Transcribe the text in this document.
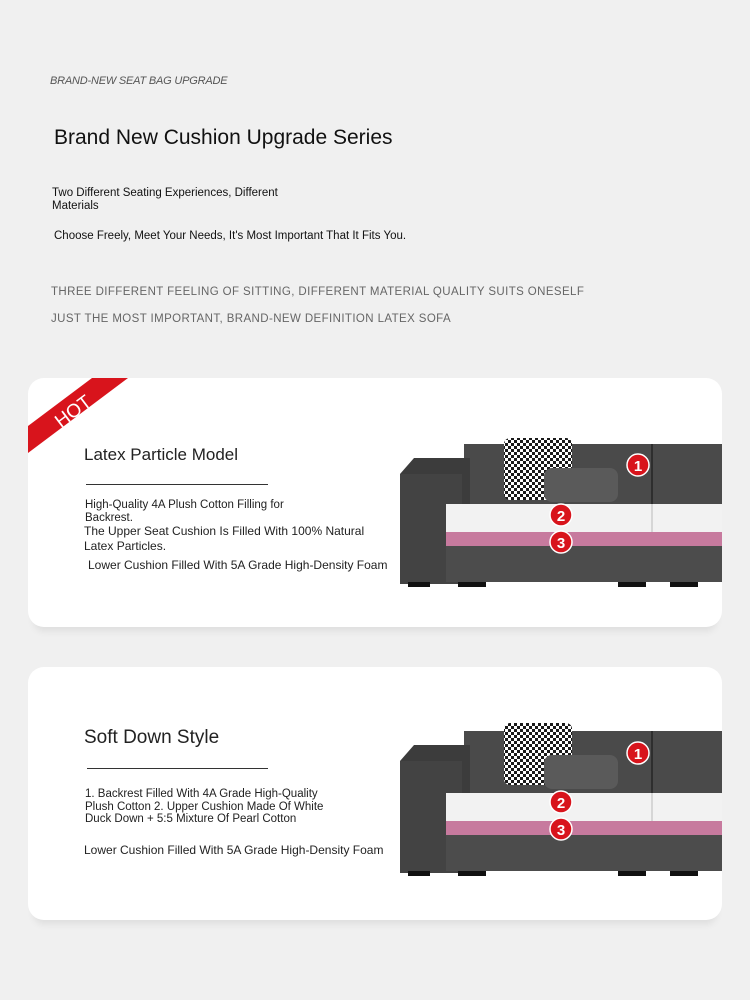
BRAND-NEW SEAT BAG UPGRADE
Brand New Cushion Upgrade Series
Two Different Seating Experiences, Different Materials
Choose Freely, Meet Your Needs, It's Most Important That It Fits You.
THREE DIFFERENT FEELING OF SITTING, DIFFERENT MATERIAL QUALITY SUITS ONESELF
JUST THE MOST IMPORTANT, BRAND-NEW DEFINITION LATEX SOFA
HOT
Latex Particle Model
High-Quality 4A Plush Cotton Filling for Backrest.
The Upper Seat Cushion Is Filled With 100% Natural Latex Particles.
Lower Cushion Filled With 5A Grade High-Density Foam
1
2
3
Soft Down Style
1. Backrest Filled With 4A Grade High-Quality Plush Cotton 2. Upper Cushion Made Of White Duck Down + 5:5 Mixture Of Pearl Cotton
Lower Cushion Filled With 5A Grade High-Density Foam
1
2
3
